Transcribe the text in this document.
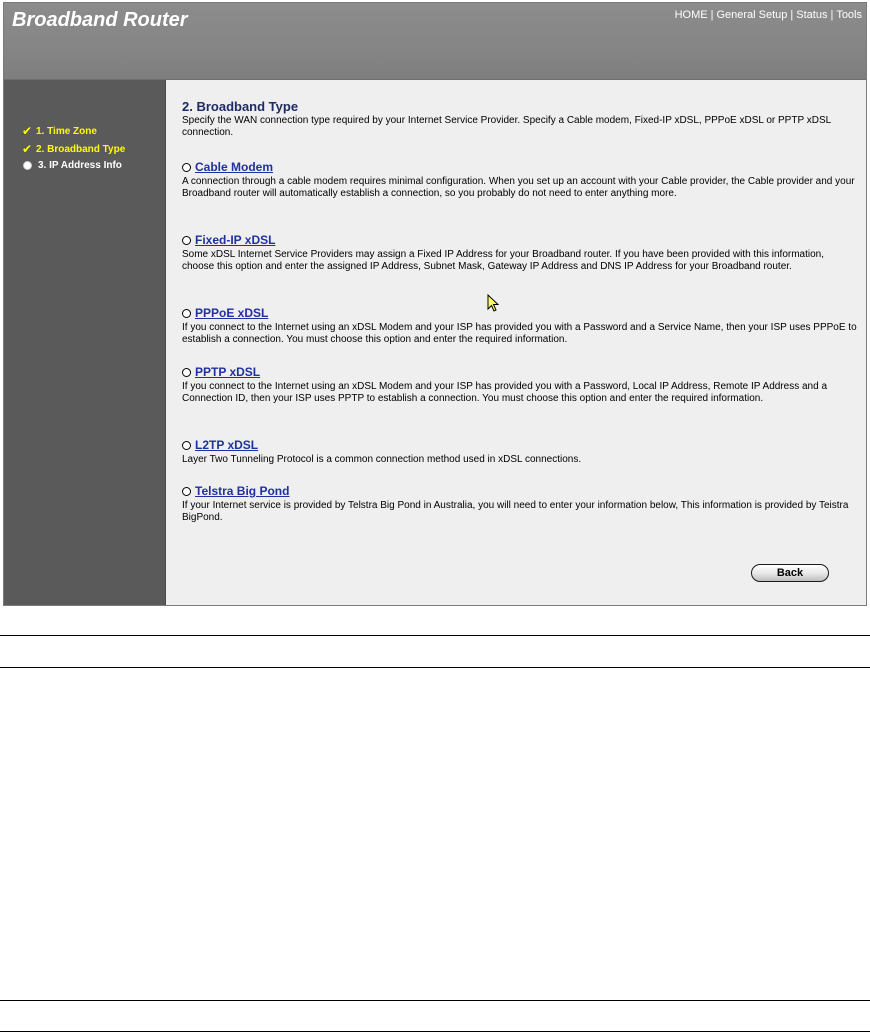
Broadband Router	HOME | General Setup | Status | Tools
✔ 1. Time Zone
✔ 2. Broadband Type
3. IP Address Info
2. Broadband Type
Specify the WAN connection type required by your Internet Service Provider. Specify a Cable modem, Fixed-IP xDSL, PPPoE xDSL or PPTP xDSL connection.
Cable Modem
A connection through a cable modem requires minimal configuration. When you set up an account with your Cable provider, the Cable provider and your Broadband router will automatically establish a connection, so you probably do not need to enter anything more.
Fixed-IP xDSL
Some xDSL Internet Service Providers may assign a Fixed IP Address for your Broadband router. If you have been provided with this information, choose this option and enter the assigned IP Address, Subnet Mask, Gateway IP Address and DNS IP Address for your Broadband router.
PPPoE xDSL
If you connect to the Internet using an xDSL Modem and your ISP has provided you with a Password and a Service Name, then your ISP uses PPPoE to establish a connection. You must choose this option and enter the required information.
PPTP xDSL
If you connect to the Internet using an xDSL Modem and your ISP has provided you with a Password, Local IP Address, Remote IP Address and a Connection ID, then your ISP uses PPTP to establish a connection. You must choose this option and enter the required information.
L2TP xDSL
Layer Two Tunneling Protocol is a common connection method used in xDSL connections.
Telstra Big Pond
If your Internet service is provided by Telstra Big Pond in Australia, you will need to enter your information below, This information is provided by Teistra BigPond.
Back
